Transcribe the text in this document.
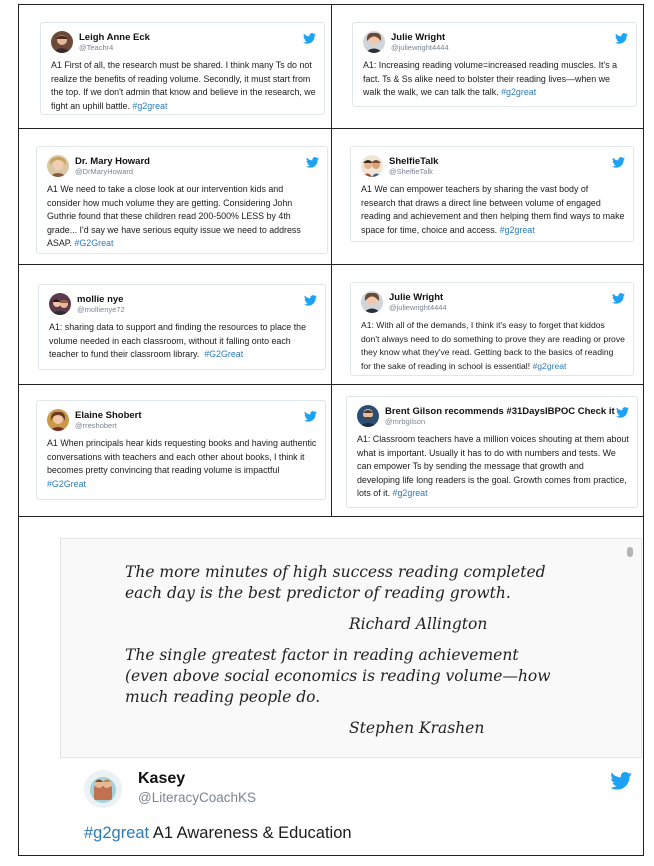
Leigh Anne Eck
@Teachr4
A1 First of all, the research must be shared. I think many Ts do not realize the benefits of reading volume. Secondly, it must start from the top. If we don't admin that know and believe in the research, we fight an uphill battle. #g2great
Julie Wright
@juliewright4444
A1: Increasing reading volume=increased reading muscles. It's a fact. Ts & Ss alike need to bolster their reading lives—when we walk the walk, we can talk the talk. #g2great
Dr. Mary Howard
@DrMaryHoward
A1 We need to take a close look at our intervention kids and consider how much volume they are getting. Considering John Guthrie found that these children read 200-500% LESS by 4th grade... I'd say we have serious equity issue we need to address ASAP. #G2Great
ShelfieTalk
@ShelfieTalk
A1 We can empower teachers by sharing the vast body of research that draws a direct line between volume of engaged reading and achievement and then helping them find ways to make space for time, choice and access. #g2great
mollie nye
@mollienye72
A1: sharing data to support and finding the resources to place the volume needed in each classroom, without it falling onto each teacher to fund their classroom library. #G2Great
Julie Wright
@juliewright4444
A1: With all of the demands, I think it's easy to forget that kiddos don't always need to do something to prove they are reading or prove they know what they've read. Getting back to the basics of reading for the sake of reading in school is essential! #g2great
Elaine Shobert
@rreshobert
A1 When principals hear kids requesting books and having authentic conversations with teachers and each other about books, I think it becomes pretty convincing that reading volume is impactful #G2Great
Brent Gilson recommends #31DaysIBPOC Check it
@mrbgilson
A1: Classroom teachers have a million voices shouting at them about what is important. Usually it has to do with numbers and tests. We can empower Ts by sending the message that growth and developing life long readers is the goal. Growth comes from practice, lots of it. #g2great
The more minutes of high success reading completed
each day is the best predictor of reading growth.
Richard Allington
The single greatest factor in reading achievement
(even above social economics is reading volume—how
much reading people do.
Stephen Krashen
Kasey
@LiteracyCoachKS
#g2great A1 Awareness & Education
